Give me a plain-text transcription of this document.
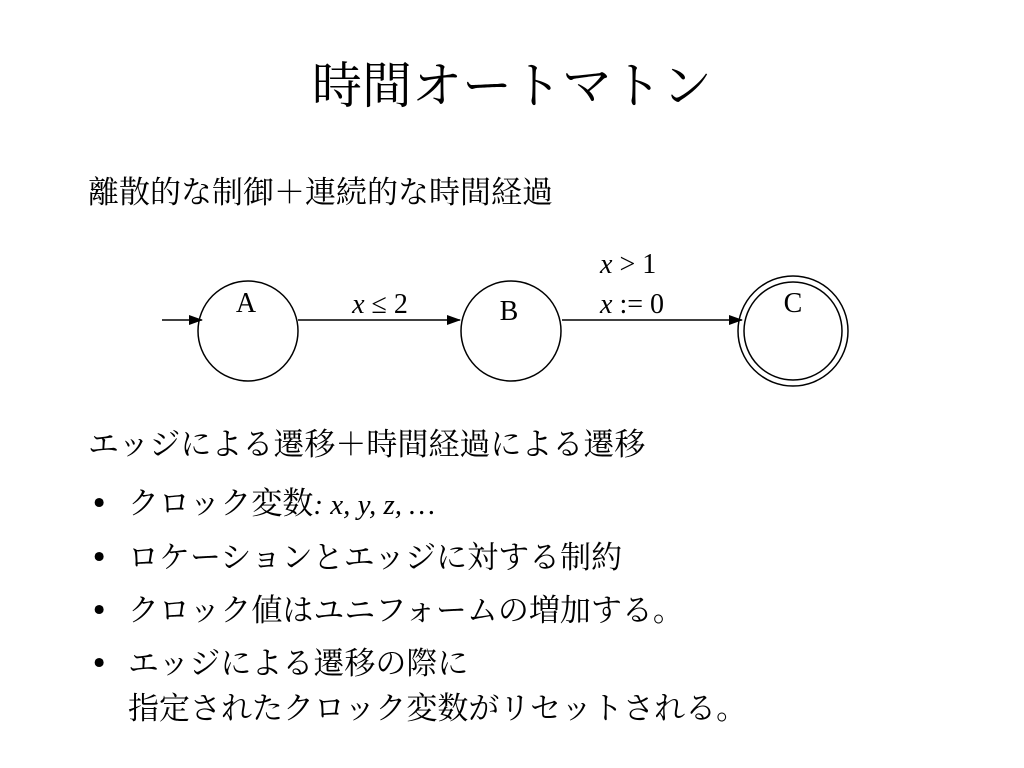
時間オートマトン
離散的な制御＋連続的な時間経過
A	x ≤ 2	B
x > 1
x := 0	C
エッジによる遷移＋時間経過による遷移
• クロック変数: x, y, z, …
• ロケーションとエッジに対する制約
• クロック値はユニフォームの増加する。
• エッジによる遷移の際に
指定されたクロック変数がリセットされる。
